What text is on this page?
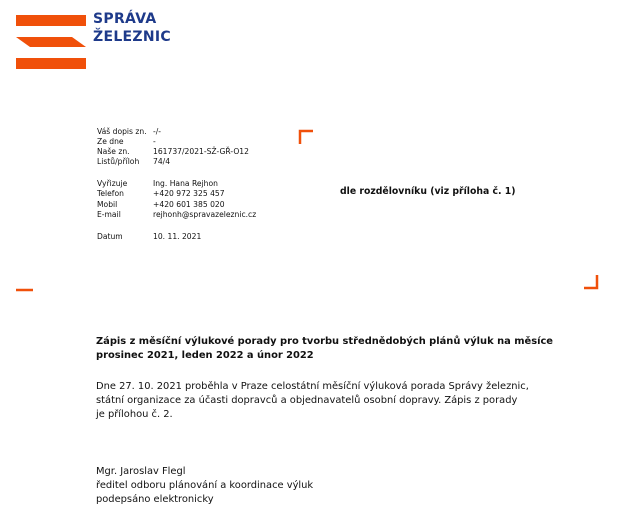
SPRÁVA
ŽELEZNIC
Váš dopis zn. -/-
Ze dne	-
Naše zn.	161737/2021-SŽ-GŘ-O12
Listů/příloh	74/4
Vyřizuje	Ing. Hana Rejhon
Telefon	+420 972 325 457
Mobil	+420 601 385 020
E-mail	rejhonh@spravazeleznic.cz
Datum	10. 11. 2021
dle rozdělovníku (viz příloha č. 1)
Zápis z měsíční výlukové porady pro tvorbu střednědobých plánů výluk na měsíce
prosinec 2021, leden 2022 a únor 2022
Dne 27. 10. 2021 proběhla v Praze celostátní měsíční výluková porada Správy železnic,
státní organizace za účasti dopravců a objednavatelů osobní dopravy. Zápis z porady
je přílohou č. 2.
Mgr. Jaroslav Flegl
ředitel odboru plánování a koordinace výluk
podepsáno elektronicky
